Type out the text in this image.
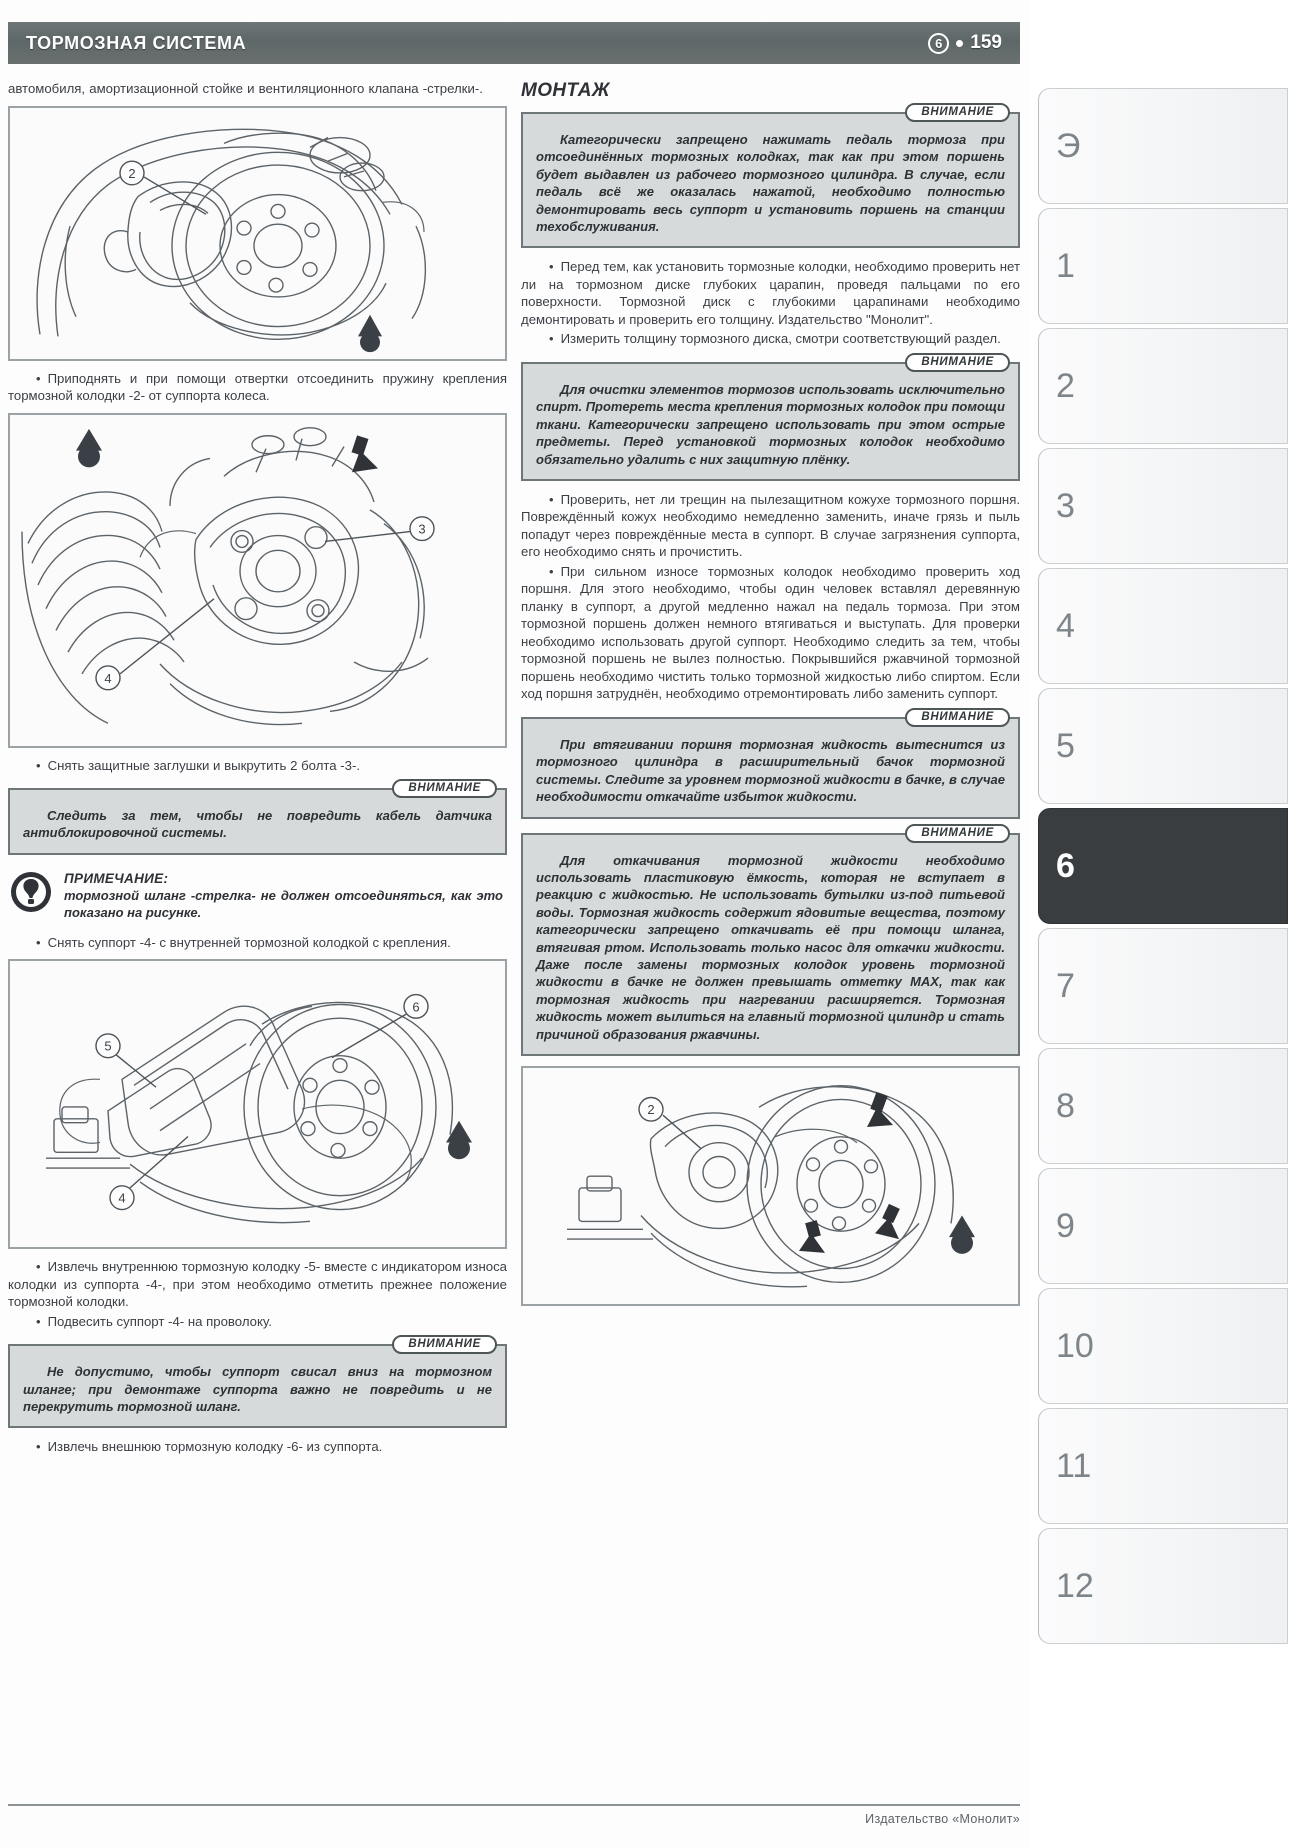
ТОРМОЗНАЯ СИСТЕМА	6	159

автомобиля, амортизационной стойке и вентиляционного клапана -стрелки-.

2

• Приподнять и при помощи отвертки отсоединить пружину крепления тормозной колодки -2- от суппорта колеса.

3
4

• Снять защитные заглушки и выкрутить 2 болта -3-.

ВНИМАНИЕ

Следить за тем, чтобы не повредить кабель датчика антиблокировочной системы.

ПРИМЕЧАНИЕ:

тормозной шланг -стрелка- не должен отсоединяться, как это показано на рисунке.

• Снять суппорт -4- с внутренней тормозной колодкой с крепления.

6
5
4

• Извлечь внутреннюю тормозную колодку -5- вместе с индикатором износа колодки из суппорта -4-, при этом необходимо отметить прежнее положение тормозной колодки.

• Подвесить суппорт -4- на проволоку.

ВНИМАНИЕ

Не допустимо, чтобы суппорт свисал вниз на тормозном шланге; при демонтаже суппорта важно не повредить и не перекрутить тормозной шланг.

• Извлечь внешнюю тормозную колодку -6- из суппорта.

МОНТАЖ
ВНИМАНИЕ

Категорически запрещено нажимать педаль тормоза при отсоединённых тормозных колодках, так как при этом поршень будет выдавлен из рабочего тормозного цилиндра. В случае, если педаль всё же оказалась нажатой, необходимо полностью демонтировать весь суппорт и установить поршень на станции техобслуживания.

• Перед тем, как установить тормозные колодки, необходимо проверить нет ли на тормозном диске глубоких царапин, проведя пальцами по его поверхности. Тормозной диск с глубокими царапинами необходимо демонтировать и проверить его толщину. Издательство "Монолит".

• Измерить толщину тормозного диска, смотри соответствующий раздел.

ВНИМАНИЕ

Для очистки элементов тормозов использовать исключительно спирт. Протереть места крепления тормозных колодок при помощи ткани. Категорически запрещено использовать при этом острые предметы. Перед установкой тормозных колодок необходимо обязательно удалить с них защитную плёнку.

• Проверить, нет ли трещин на пылезащитном кожухе тормозного поршня. Повреждённый кожух необходимо немедленно заменить, иначе грязь и пыль попадут через повреждённые места в суппорт. В случае загрязнения суппорта, его необходимо снять и прочистить.

• При сильном износе тормозных колодок необходимо проверить ход поршня. Для этого необходимо, чтобы один человек вставлял деревянную планку в суппорт, а другой медленно нажал на педаль тормоза. При этом тормозной поршень должен немного втягиваться и выступать. Для проверки необходимо использовать другой суппорт. Необходимо следить за тем, чтобы тормозной поршень не вылез полностью. Покрывшийся ржавчиной тормозной поршень необходимо чистить только тормозной жидкостью либо спиртом. Если ход поршня затруднён, необходимо отремонтировать либо заменить суппорт.

ВНИМАНИЕ

При втягивании поршня тормозная жидкость вытеснится из тормозного цилиндра в расширительный бачок тормозной системы. Следите за уровнем тормозной жидкости в бачке, в случае необходимости откачайте избыток жидкости.

ВНИМАНИЕ

Для откачивания тормозной жидкости необходимо использовать пластиковую ёмкость, которая не вступает в реакцию с жидкостью. Не использовать бутылки из-под питьевой воды. Тормозная жидкость содержит ядовитые вещества, поэтому категорически запрещено откачивать её при помощи шланга, втягивая ртом. Использовать только насос для откачки жидкости. Даже после замены тормозных колодок уровень тормозной жидкости в бачке не должен превышать отметку MAX, так как тормозная жидкость при нагревании расширяется. Тормозная жидкость может вылиться на главный тормозной цилиндр и стать причиной образования ржавчины.

2
Издательство «Монолит»
Э
1
2
3
4
5
6
7
8
9
10
11
12
